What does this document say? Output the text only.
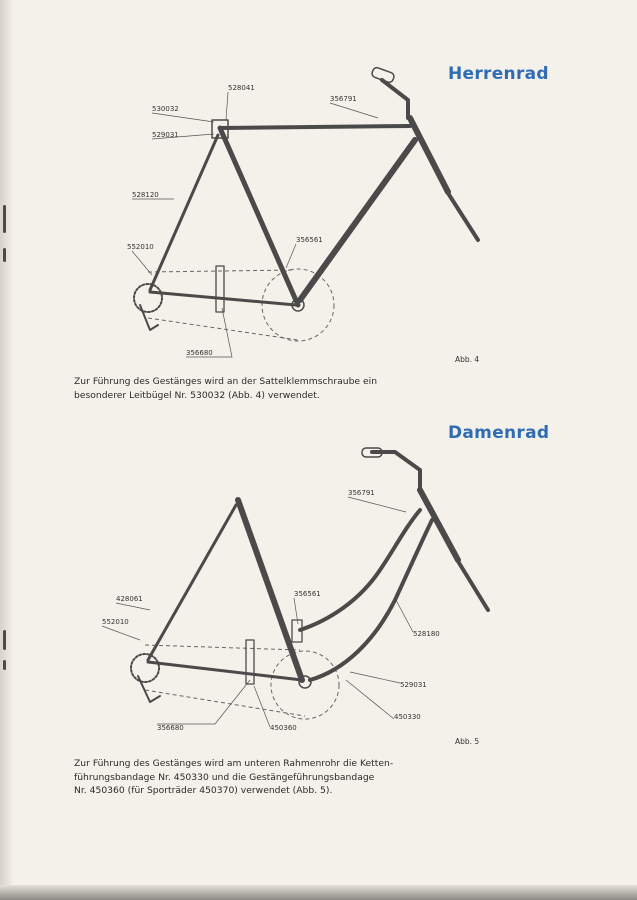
Herrenrad
528041
530032
529031
356791
528120
552010
356561
356680
Abb. 4

Zur Führung des Gestänges wird an der Sattelklemmschraube ein
besonderer Leitbügel Nr. 530032 (Abb. 4) verwendet.

Damenrad
356791
356561
428061
552010
528180
529031
450330
356680	450360
Abb. 5

Zur Führung des Gestänges wird am unteren Rahmenrohr die Ketten-
führungsbandage Nr. 450330 und die Gestängeführungsbandage
Nr. 450360 (für Sporträder 450370) verwendet (Abb. 5).
